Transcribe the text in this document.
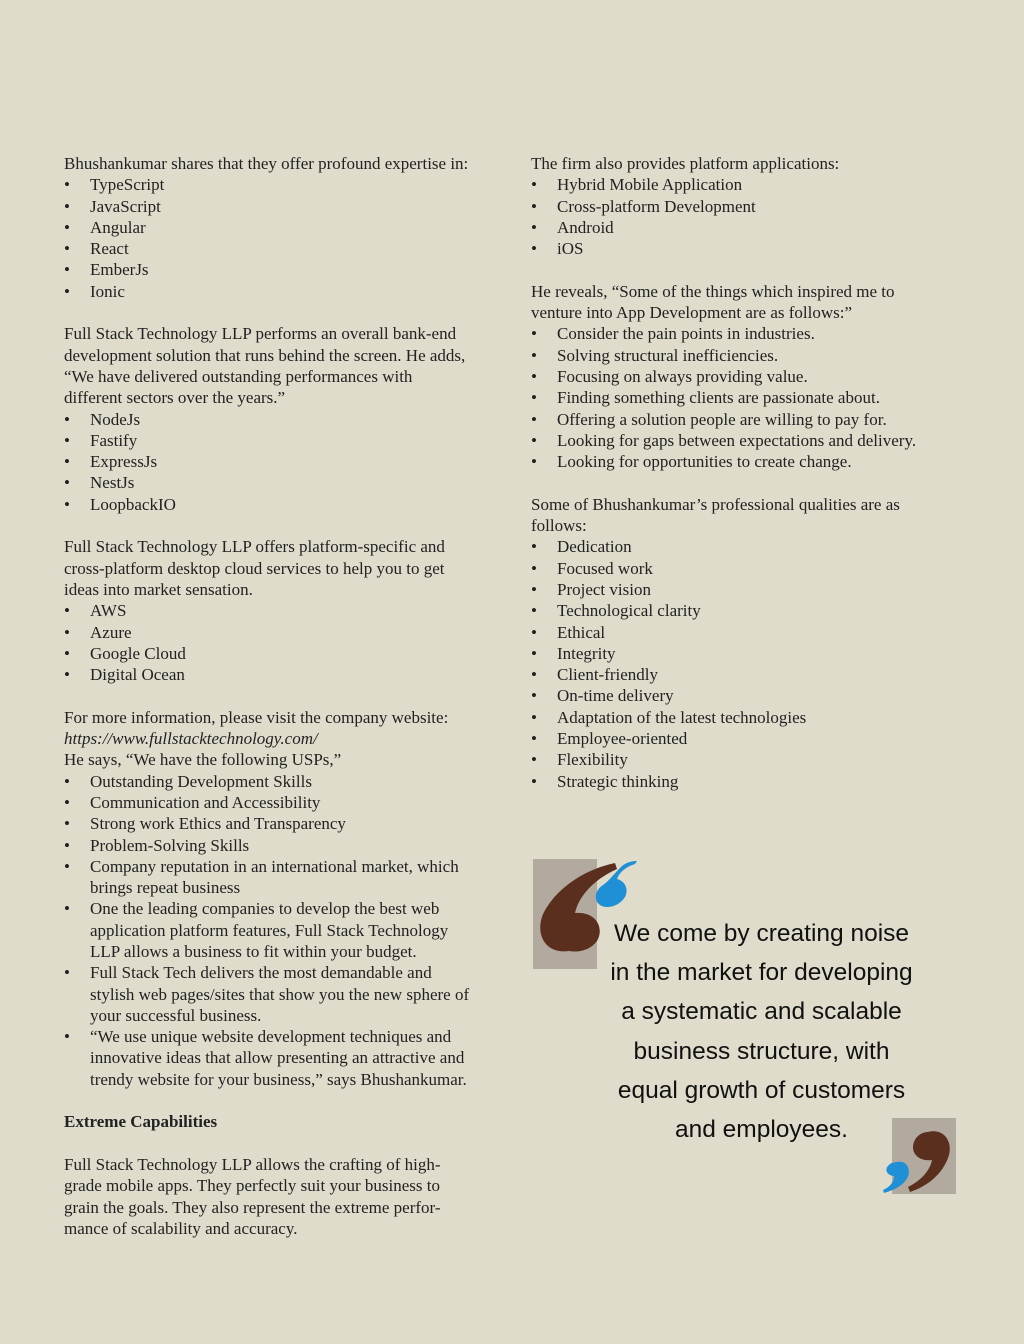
Bhushankumar shares that they offer profound expertise in:

• TypeScript
• JavaScript
• Angular
• React
• EmberJs
• Ionic

Full Stack Technology LLP performs an overall bank-end
development solution that runs behind the screen. He adds,
“We have delivered outstanding performances with
different sectors over the years.”

• NodeJs
• Fastify
• ExpressJs
• NestJs
• LoopbackIO

Full Stack Technology LLP offers platform-specific and
cross-platform desktop cloud services to help you to get
ideas into market sensation.

• AWS
• Azure
• Google Cloud
• Digital Ocean

For more information, please visit the company website:

https://www.fullstacktechnology.com/

He says, “We have the following USPs,”

• Outstanding Development Skills
• Communication and Accessibility
• Strong work Ethics and Transparency
• Problem-Solving Skills
• Company reputation in an international market, which
brings repeat business
• One the leading companies to develop the best web
application platform features, Full Stack Technology
LLP allows a business to fit within your budget.
• Full Stack Tech delivers the most demandable and
stylish web pages/sites that show you the new sphere of
your successful business.
• “We use unique website development techniques and
innovative ideas that allow presenting an attractive and
trendy website for your business,” says Bhushankumar.

Extreme Capabilities

Full Stack Technology LLP allows the crafting of high-
grade mobile apps. They perfectly suit your business to
grain the goals. They also represent the extreme perfor-
mance of scalability and accuracy.

The firm also provides platform applications:

• Hybrid Mobile Application
• Cross-platform Development
• Android
• iOS

He reveals, “Some of the things which inspired me to
venture into App Development are as follows:”

• Consider the pain points in industries.
• Solving structural inefficiencies.
• Focusing on always providing value.
• Finding something clients are passionate about.
• Offering a solution people are willing to pay for.
• Looking for gaps between expectations and delivery.
• Looking for opportunities to create change.

Some of Bhushankumar’s professional qualities are as
follows:

• Dedication
• Focused work
• Project vision
• Technological clarity
• Ethical
• Integrity
• Client-friendly
• On-time delivery
• Adaptation of the latest technologies
• Employee-oriented
• Flexibility
• Strategic thinking
We come by creating noise
in the market for developing
a systematic and scalable
business structure, with
equal growth of customers
and employees.
